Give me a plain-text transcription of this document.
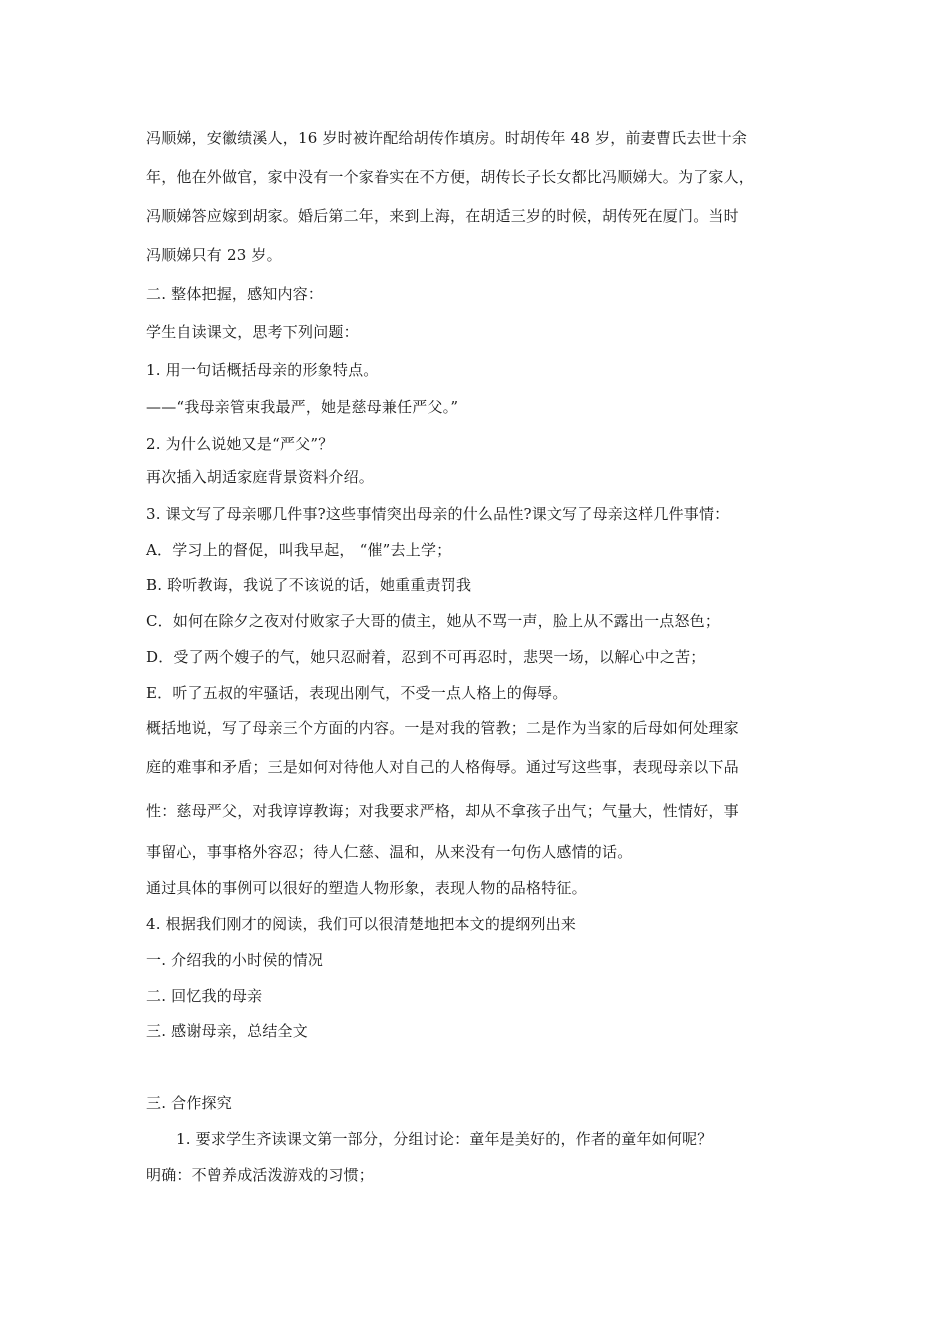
冯顺娣，安徽绩溪人，16 岁时被许配给胡传作填房。时胡传年 48 岁，前妻曹氏去世十余
年，他在外做官，家中没有一个家眷实在不方便，胡传长子长女都比冯顺娣大。为了家人，
冯顺娣答应嫁到胡家。婚后第二年，来到上海，在胡适三岁的时候，胡传死在厦门。当时
冯顺娣只有 23 岁。
二. 整体把握，感知内容：
学生自读课文，思考下列问题：
1. 用一句话概括母亲的形象特点。
——“我母亲管束我最严，她是慈母兼任严父。”
2. 为什么说她又是“严父”？
再次插入胡适家庭背景资料介绍。
3. 课文写了母亲哪几件事?这些事情突出母亲的什么品性?课文写了母亲这样几件事情：
A．学习上的督促，叫我早起， “催”去上学；
B. 聆听教诲，我说了不该说的话，她重重责罚我
C．如何在除夕之夜对付败家子大哥的债主，她从不骂一声，脸上从不露出一点怒色；
D．受了两个嫂子的气，她只忍耐着，忍到不可再忍时，悲哭一场，以解心中之苦；
E．听了五叔的牢骚话，表现出刚气，不受一点人格上的侮辱。
概括地说，写了母亲三个方面的内容。一是对我的管教；二是作为当家的后母如何处理家
庭的难事和矛盾；三是如何对待他人对自己的人格侮辱。通过写这些事，表现母亲以下品
性：慈母严父，对我谆谆教诲；对我要求严格，却从不拿孩子出气；气量大，性情好，事
事留心，事事格外容忍；待人仁慈、温和，从来没有一句伤人感情的话。
通过具体的事例可以很好的塑造人物形象，表现人物的品格特征。
4. 根据我们刚才的阅读，我们可以很清楚地把本文的提纲列出来
一. 介绍我的小时侯的情况
二. 回忆我的母亲
三. 感谢母亲，总结全文
三. 合作探究
1. 要求学生齐读课文第一部分，分组讨论：童年是美好的，作者的童年如何呢？
明确：不曾养成活泼游戏的习惯；
